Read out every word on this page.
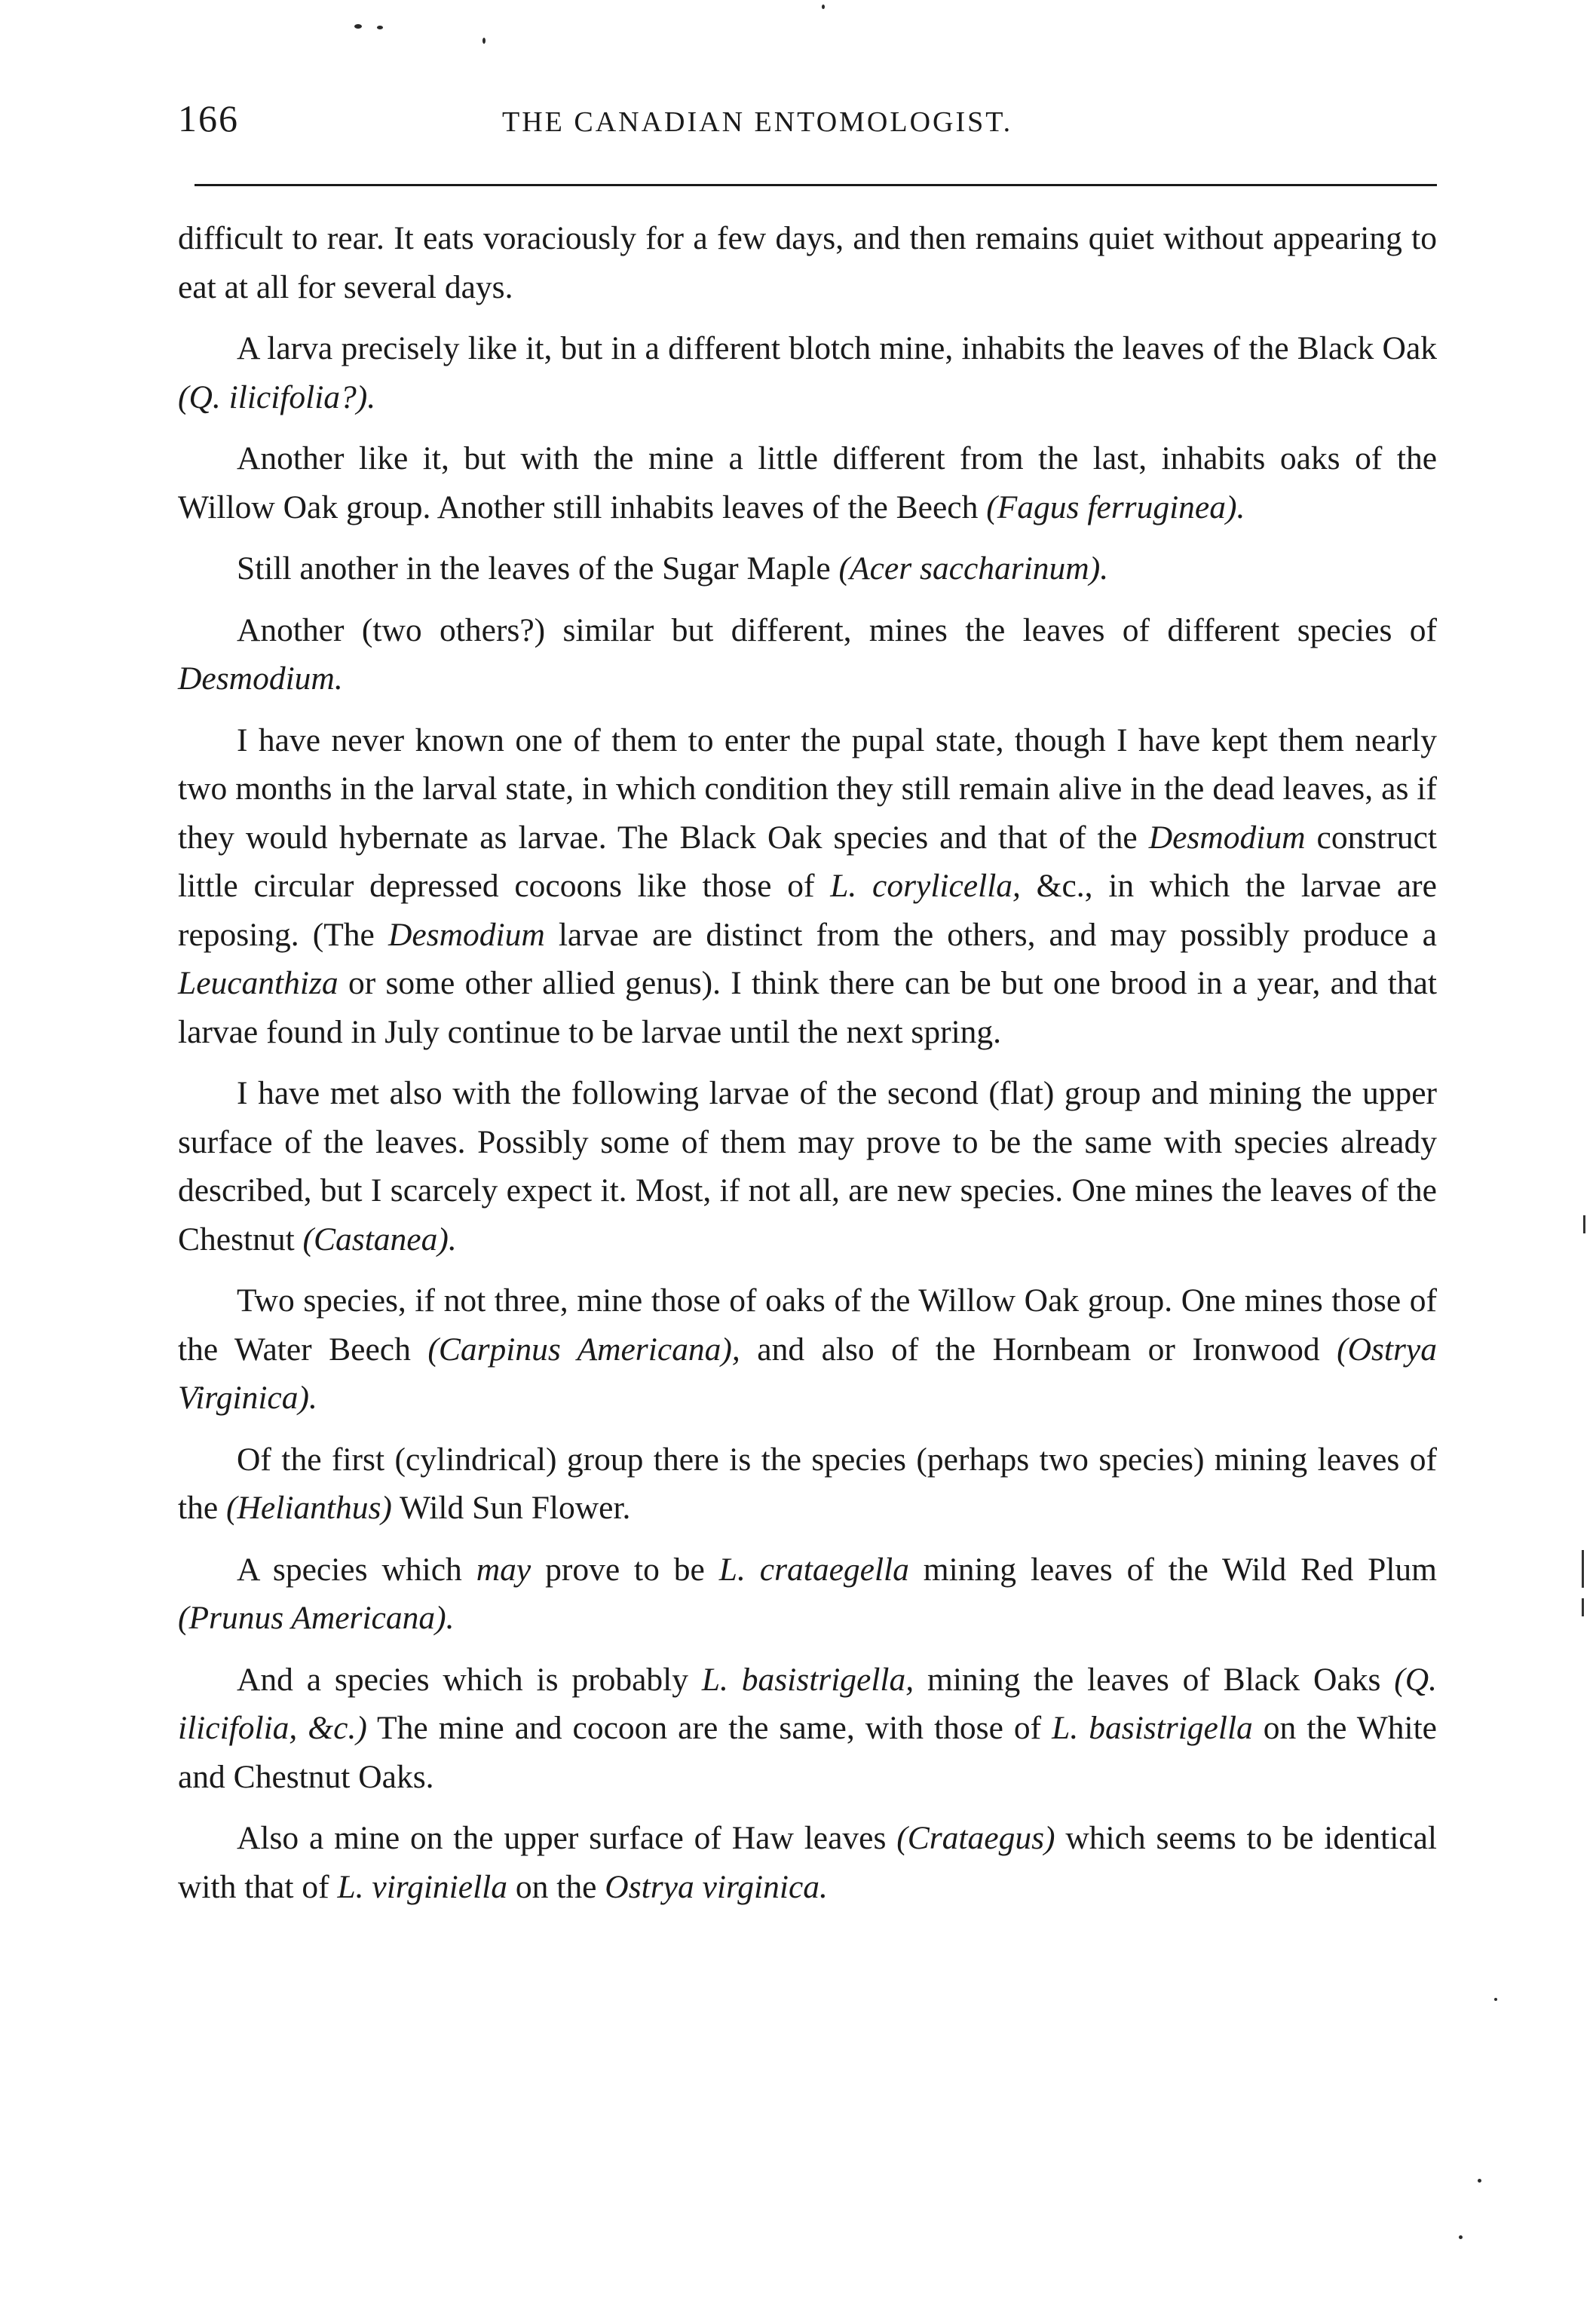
166	THE CANADIAN ENTOMOLOGIST.

difficult to rear. It eats voraciously for a few days, and then remains quiet without appearing to eat at all for several days.

A larva precisely like it, but in a different blotch mine, inhabits the leaves of the Black Oak (Q. ilicifolia?).

Another like it, but with the mine a little different from the last, inhabits oaks of the Willow Oak group. Another still inhabits leaves of the Beech (Fagus ferruginea).

Still another in the leaves of the Sugar Maple (Acer saccharinum).

Another (two others?) similar but different, mines the leaves of different species of Desmodium.

I have never known one of them to enter the pupal state, though I have kept them nearly two months in the larval state, in which condition they still remain alive in the dead leaves, as if they would hybernate as larvae. The Black Oak species and that of the Desmodium construct little circular depressed cocoons like those of L. corylicella, &c., in which the larvae are reposing. (The Desmodium larvae are distinct from the others, and may possibly produce a Leucanthiza or some other allied genus). I think there can be but one brood in a year, and that larvae found in July continue to be larvae until the next spring.

I have met also with the following larvae of the second (flat) group and mining the upper surface of the leaves. Possibly some of them may prove to be the same with species already described, but I scarcely expect it. Most, if not all, are new species. One mines the leaves of the Chestnut (Castanea).

Two species, if not three, mine those of oaks of the Willow Oak group. One mines those of the Water Beech (Carpinus Americana), and also of the Hornbeam or Ironwood (Ostrya Virginica).

Of the first (cylindrical) group there is the species (perhaps two species) mining leaves of the (Helianthus) Wild Sun Flower.

A species which may prove to be L. crataegella mining leaves of the Wild Red Plum (Prunus Americana).

And a species which is probably L. basistrigella, mining the leaves of Black Oaks (Q. ilicifolia, &c.) The mine and cocoon are the same, with those of L. basistrigella on the White and Chestnut Oaks.

Also a mine on the upper surface of Haw leaves (Crataegus) which seems to be identical with that of L. virginiella on the Ostrya virginica.
